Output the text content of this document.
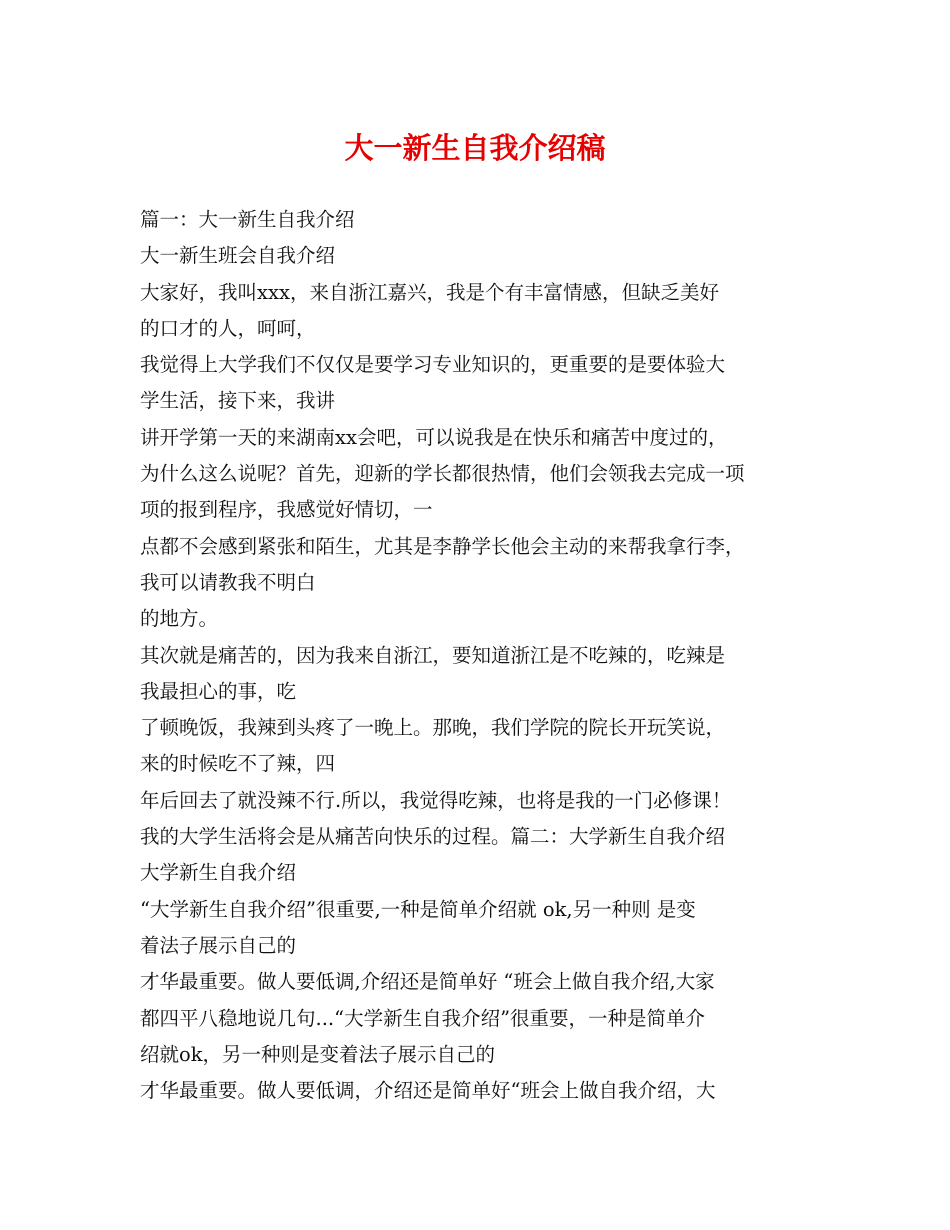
大一新生自我介绍稿
篇一：大一新生自我介绍
大一新生班会自我介绍
大家好，我叫xxx，来自浙江嘉兴，我是个有丰富情感，但缺乏美好
的口才的人，呵呵，
我觉得上大学我们不仅仅是要学习专业知识的，更重要的是要体验大
学生活，接下来，我讲
讲开学第一天的来湖南xx会吧，可以说我是在快乐和痛苦中度过的，
为什么这么说呢？首先，迎新的学长都很热情，他们会领我去完成一项
项的报到程序，我感觉好情切，一
点都不会感到紧张和陌生，尤其是李静学长他会主动的来帮我拿行李，
我可以请教我不明白
的地方。
其次就是痛苦的，因为我来自浙江，要知道浙江是不吃辣的，吃辣是
我最担心的事，吃
了顿晚饭，我辣到头疼了一晚上。那晚，我们学院的院长开玩笑说，
来的时候吃不了辣，四
年后回去了就没辣不行.所以，我觉得吃辣，也将是我的一门必修课！
我的大学生活将会是从痛苦向快乐的过程。篇二：大学新生自我介绍
大学新生自我介绍
“大学新生自我介绍”很重要,一种是简单介绍就 ok,另一种则 是变
着法子展示自己的
才华最重要。做人要低调,介绍还是简单好 “班会上做自我介绍,大家
都四平八稳地说几句...“大学新生自我介绍”很重要，一种是简单介
绍就ok，另一种则是变着法子展示自己的
才华最重要。做人要低调，介绍还是简单好“班会上做自我介绍，大
